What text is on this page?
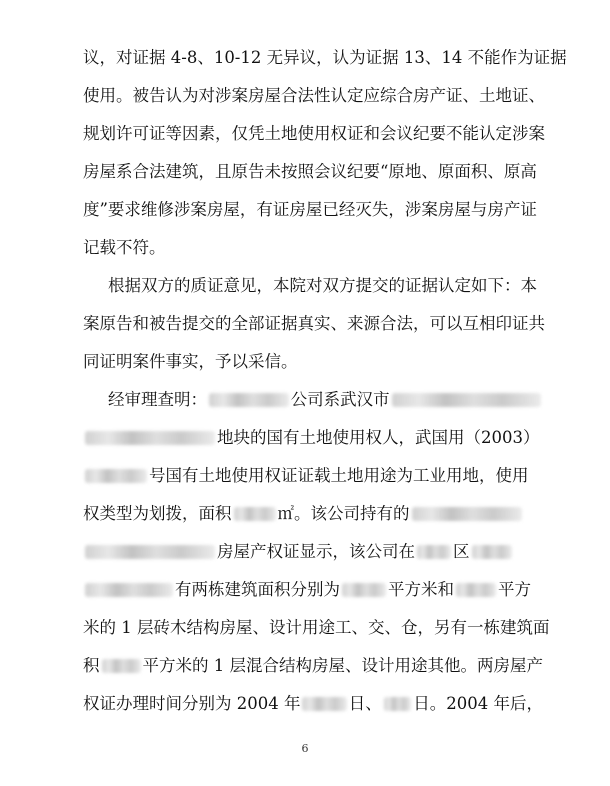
议，对证据 4-8、10-12 无异议，认为证据 13、14 不能作为证据
使用。被告认为对涉案房屋合法性认定应综合房产证、土地证、
规划许可证等因素，仅凭土地使用权证和会议纪要不能认定涉案
房屋系合法建筑，且原告未按照会议纪要“原地、原面积、原高
度”要求维修涉案房屋，有证房屋已经灭失，涉案房屋与房产证
记载不符。
根据双方的质证意见，本院对双方提交的证据认定如下：本
案原告和被告提交的全部证据真实、来源合法，可以互相印证共
同证明案件事实，予以采信。
经审理查明：	公司系武汉市
地块的国有土地使用权人，武国用（2003）
号国有土地使用权证证载土地用途为工业用地，使用
权类型为划拨，面积	㎡。该公司持有的
房屋产权证显示，该公司在 区
有两栋建筑面积分别为	平方米和	平方
米的 1 层砖木结构房屋、设计用途工、交、仓，另有一栋建筑面
积	平方米的 1 层混合结构房屋、设计用途其他。两房屋产
权证办理时间分别为 2004 年	日、 日。2004 年后，
6
